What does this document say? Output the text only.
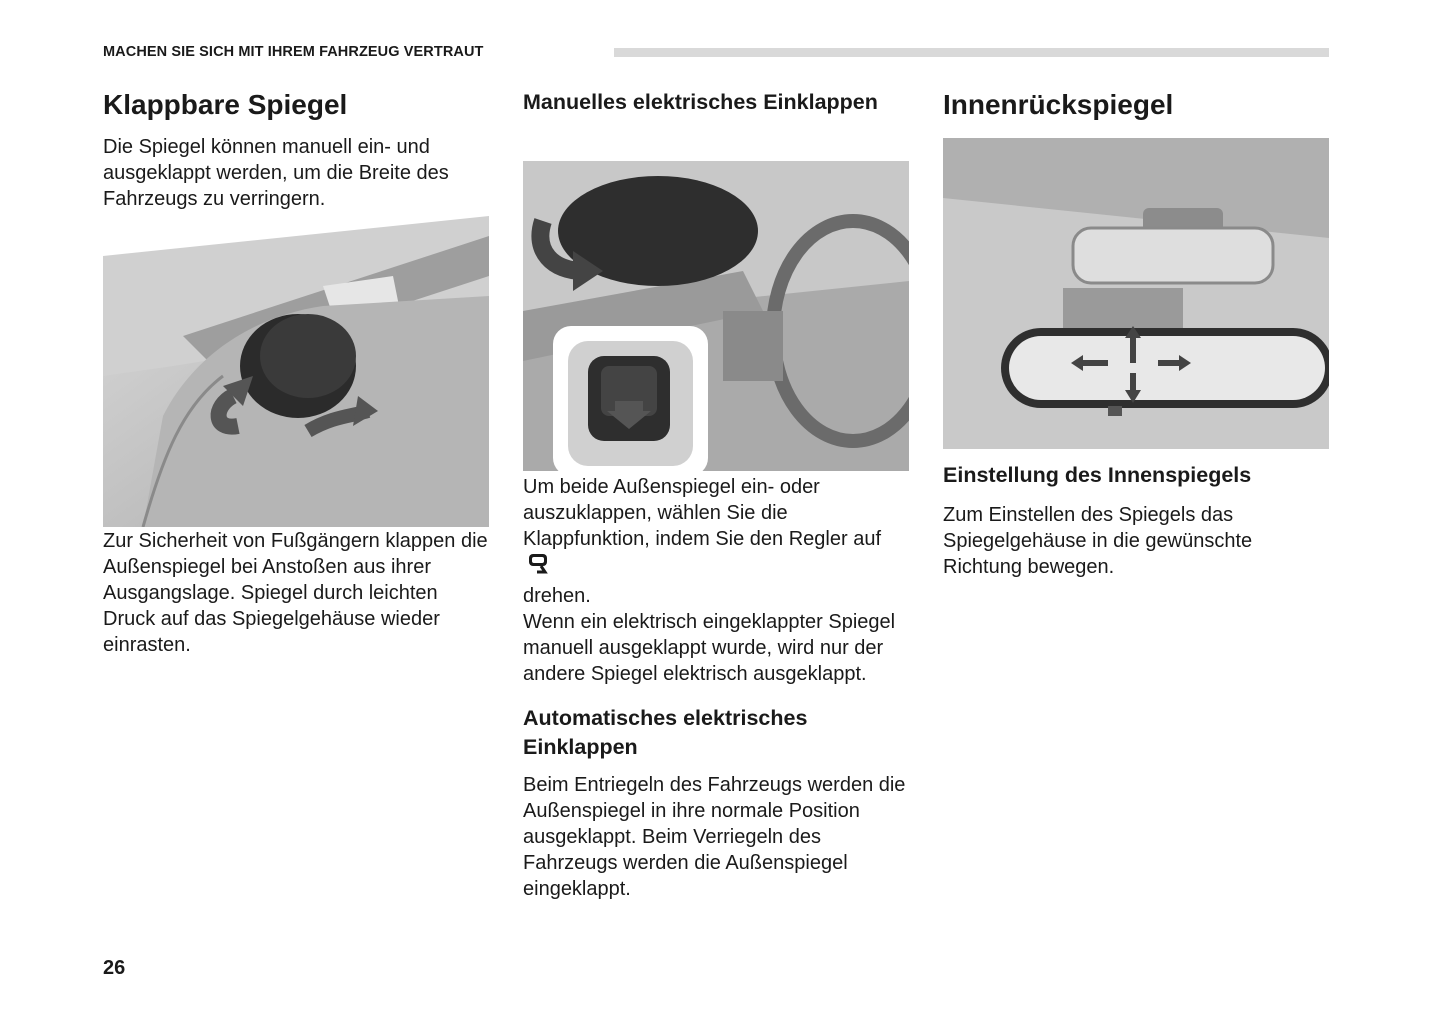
MACHEN SIE SICH MIT IHREM FAHRZEUG VERTRAUT
Klappbare Spiegel

Die Spiegel können manuell ein- und ausgeklappt werden, um die Breite des Fahrzeugs zu verringern.

Zur Sicherheit von Fußgängern klappen die Außenspiegel bei Anstoßen aus ihrer Ausgangslage. Spiegel durch leichten Druck auf das Spiegelgehäuse wieder einrasten.

Manuelles elektrisches Einklappen

Um beide Außenspiegel ein- oder auszuklappen, wählen Sie die Klappfunktion, indem Sie den Regler auf
drehen.

Wenn ein elektrisch eingeklappter Spiegel manuell ausgeklappt wurde, wird nur der andere Spiegel elektrisch ausgeklappt.

Automatisches elektrisches Einklappen

Beim Entriegeln des Fahrzeugs werden die Außenspiegel in ihre normale Position ausgeklappt. Beim Verriegeln des Fahrzeugs werden die Außenspiegel eingeklappt.

Innenrückspiegel
Einstellung des Innenspiegels

Zum Einstellen des Spiegels das Spiegelgehäuse in die gewünschte Richtung bewegen.

26
